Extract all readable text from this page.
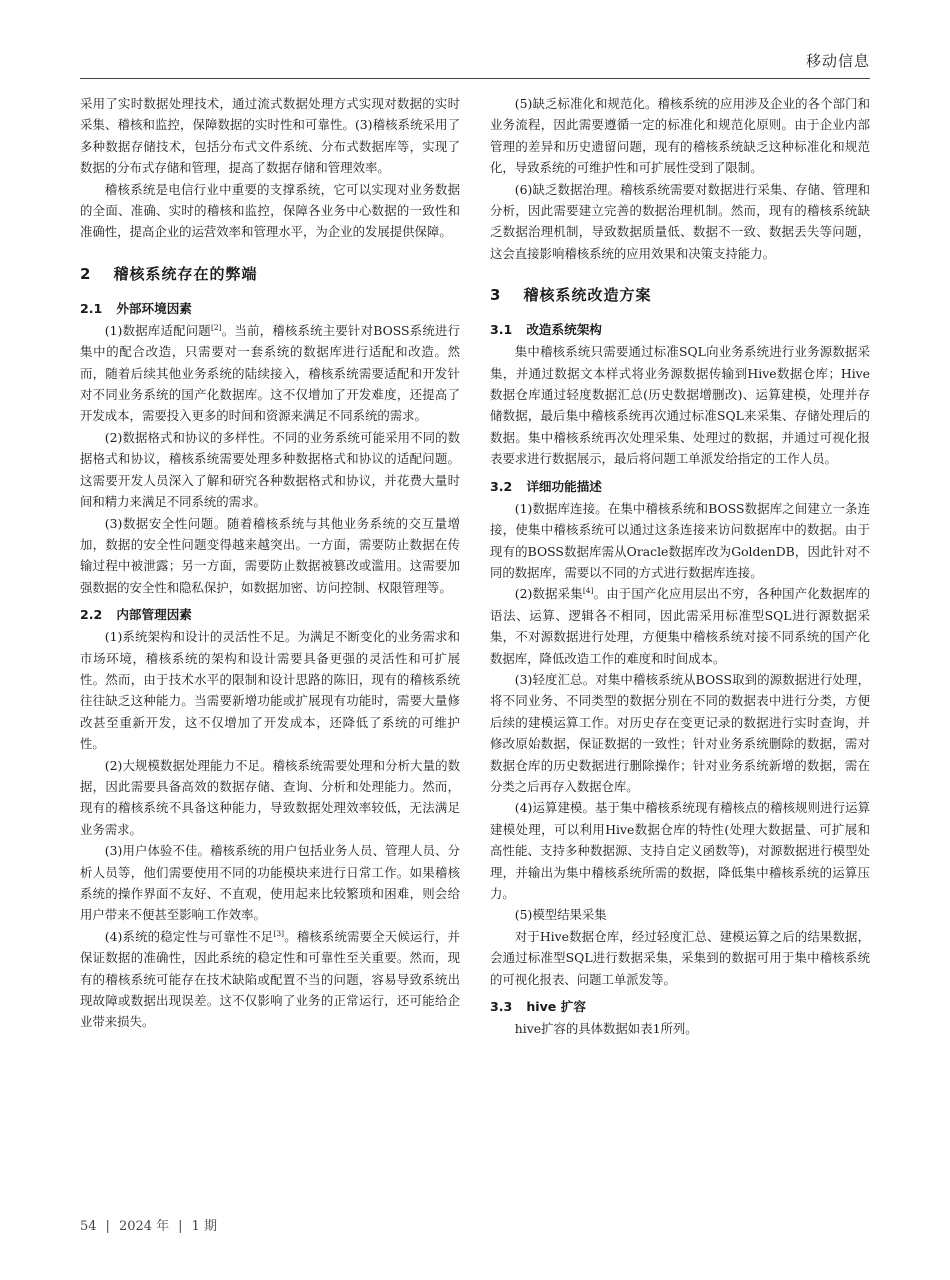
移动信息

采用了实时数据处理技术，通过流式数据处理方式实现对数据的实时采集、稽核和监控，保障数据的实时性和可靠性。(3)稽核系统采用了多种数据存储技术，包括分布式文件系统、分布式数据库等，实现了数据的分布式存储和管理，提高了数据存储和管理效率。

稽核系统是电信行业中重要的支撑系统，它可以实现对业务数据的全面、准确、实时的稽核和监控，保障各业务中心数据的一致性和准确性，提高企业的运营效率和管理水平，为企业的发展提供保障。

2 稽核系统存在的弊端
2.1 外部环境因素

(1)数据库适配问题[2]。当前，稽核系统主要针对BOSS系统进行集中的配合改造，只需要对一套系统的数据库进行适配和改造。然而，随着后续其他业务系统的陆续接入，稽核系统需要适配和开发针对不同业务系统的国产化数据库。这不仅增加了开发难度，还提高了开发成本，需要投入更多的时间和资源来满足不同系统的需求。

(2)数据格式和协议的多样性。不同的业务系统可能采用不同的数据格式和协议，稽核系统需要处理多种数据格式和协议的适配问题。这需要开发人员深入了解和研究各种数据格式和协议，并花费大量时间和精力来满足不同系统的需求。

(3)数据安全性问题。随着稽核系统与其他业务系统的交互量增加，数据的安全性问题变得越来越突出。一方面，需要防止数据在传输过程中被泄露；另一方面，需要防止数据被篡改或滥用。这需要加强数据的安全性和隐私保护，如数据加密、访问控制、权限管理等。

2.2 内部管理因素

(1)系统架构和设计的灵活性不足。为满足不断变化的业务需求和市场环境，稽核系统的架构和设计需要具备更强的灵活性和可扩展性。然而，由于技术水平的限制和设计思路的陈旧，现有的稽核系统往往缺乏这种能力。当需要新增功能或扩展现有功能时，需要大量修改甚至重新开发，这不仅增加了开发成本，还降低了系统的可维护性。

(2)大规模数据处理能力不足。稽核系统需要处理和分析大量的数据，因此需要具备高效的数据存储、查询、分析和处理能力。然而，现有的稽核系统不具备这种能力，导致数据处理效率较低，无法满足业务需求。

(3)用户体验不佳。稽核系统的用户包括业务人员、管理人员、分析人员等，他们需要使用不同的功能模块来进行日常工作。如果稽核系统的操作界面不友好、不直观，使用起来比较繁琐和困难，则会给用户带来不便甚至影响工作效率。

(4)系统的稳定性与可靠性不足[3]。稽核系统需要全天候运行，并保证数据的准确性，因此系统的稳定性和可靠性至关重要。然而，现有的稽核系统可能存在技术缺陷或配置不当的问题，容易导致系统出现故障或数据出现误差。这不仅影响了业务的正常运行，还可能给企业带来损失。

(5)缺乏标准化和规范化。稽核系统的应用涉及企业的各个部门和业务流程，因此需要遵循一定的标准化和规范化原则。由于企业内部管理的差异和历史遗留问题，现有的稽核系统缺乏这种标准化和规范化，导致系统的可维护性和可扩展性受到了限制。

(6)缺乏数据治理。稽核系统需要对数据进行采集、存储、管理和分析，因此需要建立完善的数据治理机制。然而，现有的稽核系统缺乏数据治理机制，导致数据质量低、数据不一致、数据丢失等问题，这会直接影响稽核系统的应用效果和决策支持能力。

3 稽核系统改造方案
3.1 改造系统架构

集中稽核系统只需要通过标准SQL向业务系统进行业务源数据采集，并通过数据文本样式将业务源数据传输到Hive数据仓库；Hive数据仓库通过轻度数据汇总(历史数据增删改)、运算建模，处理并存储数据，最后集中稽核系统再次通过标准SQL来采集、存储处理后的数据。集中稽核系统再次处理采集、处理过的数据，并通过可视化报表要求进行数据展示，最后将问题工单派发给指定的工作人员。

3.2 详细功能描述

(1)数据库连接。在集中稽核系统和BOSS数据库之间建立一条连接，使集中稽核系统可以通过这条连接来访问数据库中的数据。由于现有的BOSS数据库需从Oracle数据库改为GoldenDB，因此针对不同的数据库，需要以不同的方式进行数据库连接。

(2)数据采集[4]。由于国产化应用层出不穷，各种国产化数据库的语法、运算、逻辑各不相同，因此需采用标准型SQL进行源数据采集，不对源数据进行处理，方便集中稽核系统对接不同系统的国产化数据库，降低改造工作的难度和时间成本。

(3)轻度汇总。对集中稽核系统从BOSS取到的源数据进行处理，将不同业务、不同类型的数据分别在不同的数据表中进行分类，方便后续的建模运算工作。对历史存在变更记录的数据进行实时查询，并修改原始数据，保证数据的一致性；针对业务系统删除的数据，需对数据仓库的历史数据进行删除操作；针对业务系统新增的数据，需在分类之后再存入数据仓库。

(4)运算建模。基于集中稽核系统现有稽核点的稽核规则进行运算建模处理，可以利用Hive数据仓库的特性(处理大数据量、可扩展和高性能、支持多种数据源、支持自定义函数等)，对源数据进行模型处理，并输出为集中稽核系统所需的数据，降低集中稽核系统的运算压力。

(5)模型结果采集

对于Hive数据仓库，经过轻度汇总、建模运算之后的结果数据，会通过标准型SQL进行数据采集，采集到的数据可用于集中稽核系统的可视化报表、问题工单派发等。

3.3 hive 扩容

hive扩容的具体数据如表1所列。

54 | 2024 年 | 1 期
